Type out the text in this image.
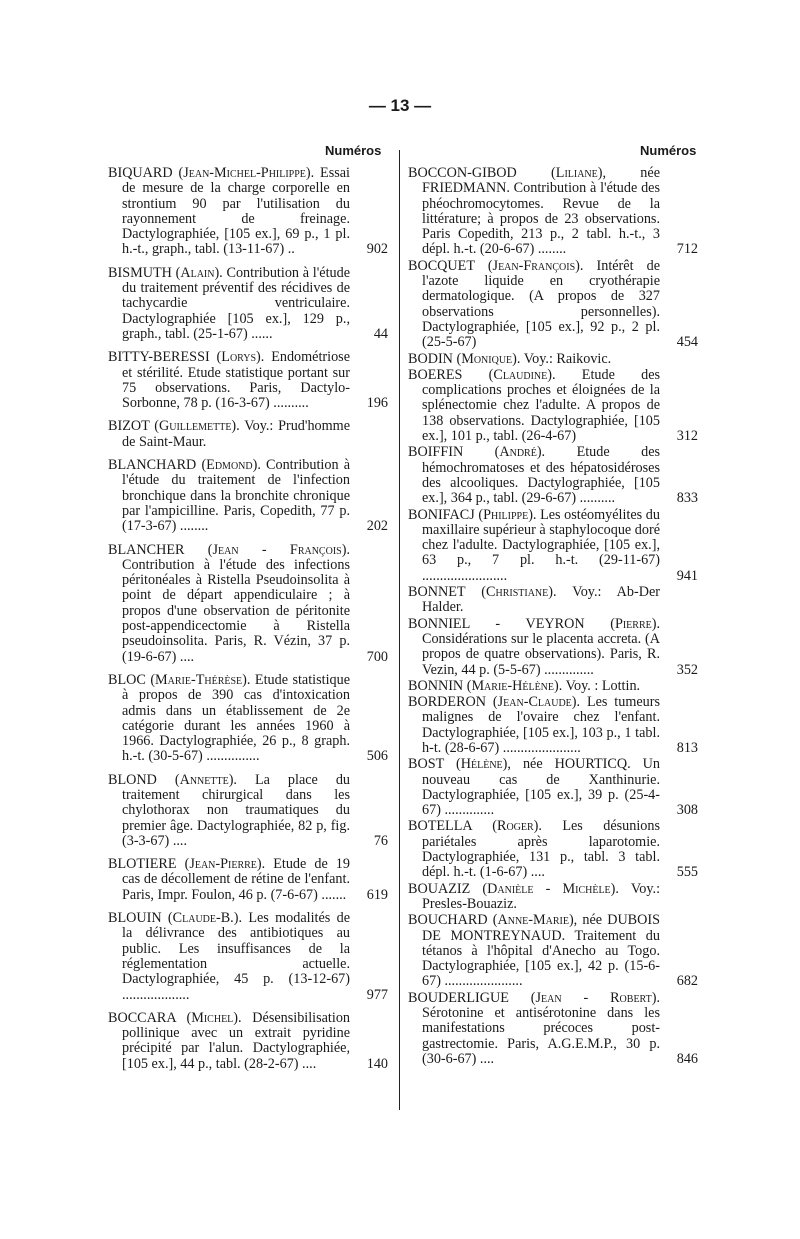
— 13 —
Numéros	Numéros
BIQUARD (Jean-Michel-Philippe). Essai de mesure de la charge corporelle en strontium 90 par l'utilisation du rayonnement de freinage. Dactylographiée, [105 ex.], 69 p., 1 pl. h.-t., graph., tabl. (13-11-67) ..	902
BISMUTH (Alain). Contribution à l'étude du traitement préventif des récidives de tachycardie ventriculaire. Dactylographiée [105 ex.], 129 p., graph., tabl. (25-1-67) ......	44
BITTY-BERESSI (Lorys). Endométriose et stérilité. Etude statistique portant sur 75 observations. Paris, Dactylo-Sorbonne, 78 p. (16-3-67) ..........	196
BIZOT (Guillemette). Voy.: Prud'homme de Saint-Maur.
BLANCHARD (Edmond). Contribution à l'étude du traitement de l'infection bronchique dans la bronchite chronique par l'ampicilline. Paris, Copedith, 77 p. (17-3-67) ........	202
BLANCHER (Jean - François). Contribution à l'étude des infections péritonéales à Ristella Pseudoinsolita à point de départ appendiculaire ; à propos d'une observation de péritonite post-appendicectomie à Ristella pseudoinsolita. Paris, R. Vézin, 37 p. (19-6-67) ....	700
BLOC (Marie-Thérèse). Etude statistique à propos de 390 cas d'intoxication admis dans un établissement de 2e catégorie durant les années 1960 à 1966. Dactylographiée, 26 p., 8 graph. h.-t. (30-5-67) ...............	506
BLOND (Annette). La place du traitement chirurgical dans les chylothorax non traumatiques du premier âge. Dactylographiée, 82 p, fig. (3-3-67) ....	76
BLOTIERE (Jean-Pierre). Etude de 19 cas de décollement de rétine de l'enfant. Paris, Impr. Foulon, 46 p. (7-6-67) ....... 619
BLOUIN (Claude-B.). Les modalités de la délivrance des antibiotiques au public. Les insuffisances de la réglementation actuelle. Dactylographiée, 45 p. (13-12-67) ...................	977
BOCCARA (Michel). Désensibilisation pollinique avec un extrait pyridine précipité par l'alun. Dactylographiée, [105 ex.], 44 p., tabl. (28-2-67) ....	140
BOCCON-GIBOD (Liliane), née FRIEDMANN. Contribution à l'étude des phéochromocytomes. Revue de la littérature; à propos de 23 observations. Paris Copedith, 213 p., 2 tabl. h.-t., 3 dépl. h.-t. (20-6-67) ........	712
BOCQUET (Jean-François). Intérêt de l'azote liquide en cryothérapie dermatologique. (A propos de 327 observations personnelles). Dactylographiée, [105 ex.], 92 p., 2 pl. (25-5-67)	454
BODIN (Monique). Voy.: Raikovic.
BOERES (Claudine). Etude des complications proches et éloignées de la splénectomie chez l'adulte. A propos de 138 observations. Dactylographiée, [105 ex.], 101 p., tabl. (26-4-67)	312
BOIFFIN (André). Etude des hémochromatoses et des hépatosidéroses des alcooliques. Dactylographiée, [105 ex.], 364 p., tabl. (29-6-67) ..........	833
BONIFACJ (Philippe). Les ostéomyélites du maxillaire supérieur à staphylocoque doré chez l'adulte. Dactylographiée, [105 ex.], 63 p., 7 pl. h.-t. (29-11-67) ........................	941
BONNET (Christiane). Voy.: Ab-Der Halder.
BONNIEL - VEYRON (Pierre). Considérations sur le placenta accreta. (A propos de quatre observations). Paris, R. Vezin, 44 p. (5-5-67) ..............	352
BONNIN (Marie-Hélène). Voy. : Lottin.
BORDERON (Jean-Claude). Les tumeurs malignes de l'ovaire chez l'enfant. Dactylographiée, [105 ex.], 103 p., 1 tabl. h-t. (28-6-67) ......................	813
BOST (Hélène), née HOURTICQ. Un nouveau cas de Xanthinurie. Dactylographiée, [105 ex.], 39 p. (25-4-67) ..............	308
BOTELLA (Roger). Les désunions pariétales après laparotomie. Dactylographiée, 131 p., tabl. 3 tabl. dépl. h.-t. (1-6-67) ....	555
BOUAZIZ (Danièle - Michèle). Voy.: Presles-Bouaziz.
BOUCHARD (Anne-Marie), née DUBOIS DE MONTREYNAUD. Traitement du tétanos à l'hôpital d'Anecho au Togo. Dactylographiée, [105 ex.], 42 p. (15-6-67) ......................	682
BOUDERLIGUE (Jean - Robert). Sérotonine et antisérotonine dans les manifestations précoces post-gastrectomie. Paris, A.G.E.M.P., 30 p. (30-6-67) ....	846
